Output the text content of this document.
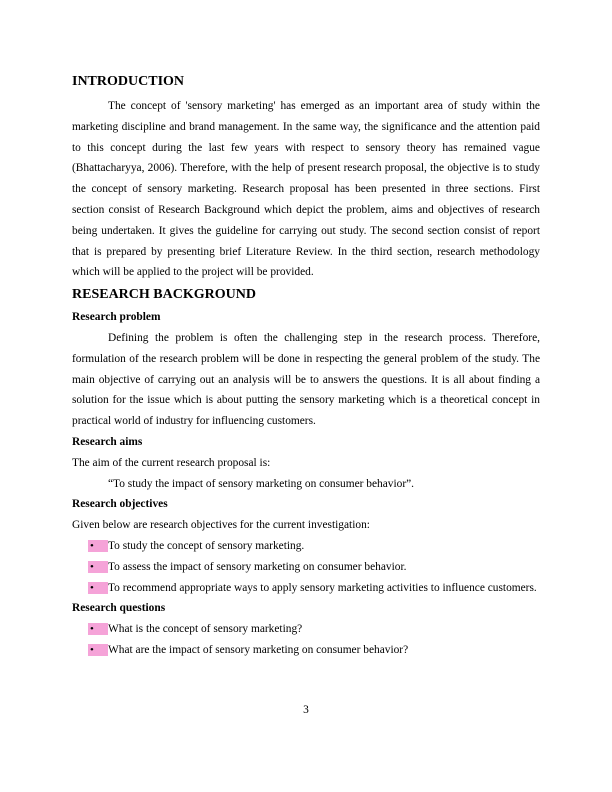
INTRODUCTION

The concept of 'sensory marketing' has emerged as an important area of study within the marketing discipline and brand management. In the same way, the significance and the attention paid to this concept during the last few years with respect to sensory theory has remained vague (Bhattacharyya, 2006). Therefore, with the help of present research proposal, the objective is to study the concept of sensory marketing. Research proposal has been presented in three sections. First section consist of Research Background which depict the problem, aims and objectives of research being undertaken. It gives the guideline for carrying out study. The second section consist of report that is prepared by presenting brief Literature Review. In the third section, research methodology which will be applied to the project will be provided.

RESEARCH BACKGROUND
Research problem

Defining the problem is often the challenging step in the research process. Therefore, formulation of the research problem will be done in respecting the general problem of the study. The main objective of carrying out an analysis will be to answers the questions. It is all about finding a solution for the issue which is about putting the sensory marketing which is a theoretical concept in practical world of industry for influencing customers.

Research aims

The aim of the current research proposal is:

“To study the impact of sensory marketing on consumer behavior”.

Research objectives

Given below are research objectives for the current investigation:

• To study the concept of sensory marketing.
• To assess the impact of sensory marketing on consumer behavior.
• To recommend appropriate ways to apply sensory marketing activities to influence customers.
Research questions
• What is the concept of sensory marketing?
• What are the impact of sensory marketing on consumer behavior?
3
